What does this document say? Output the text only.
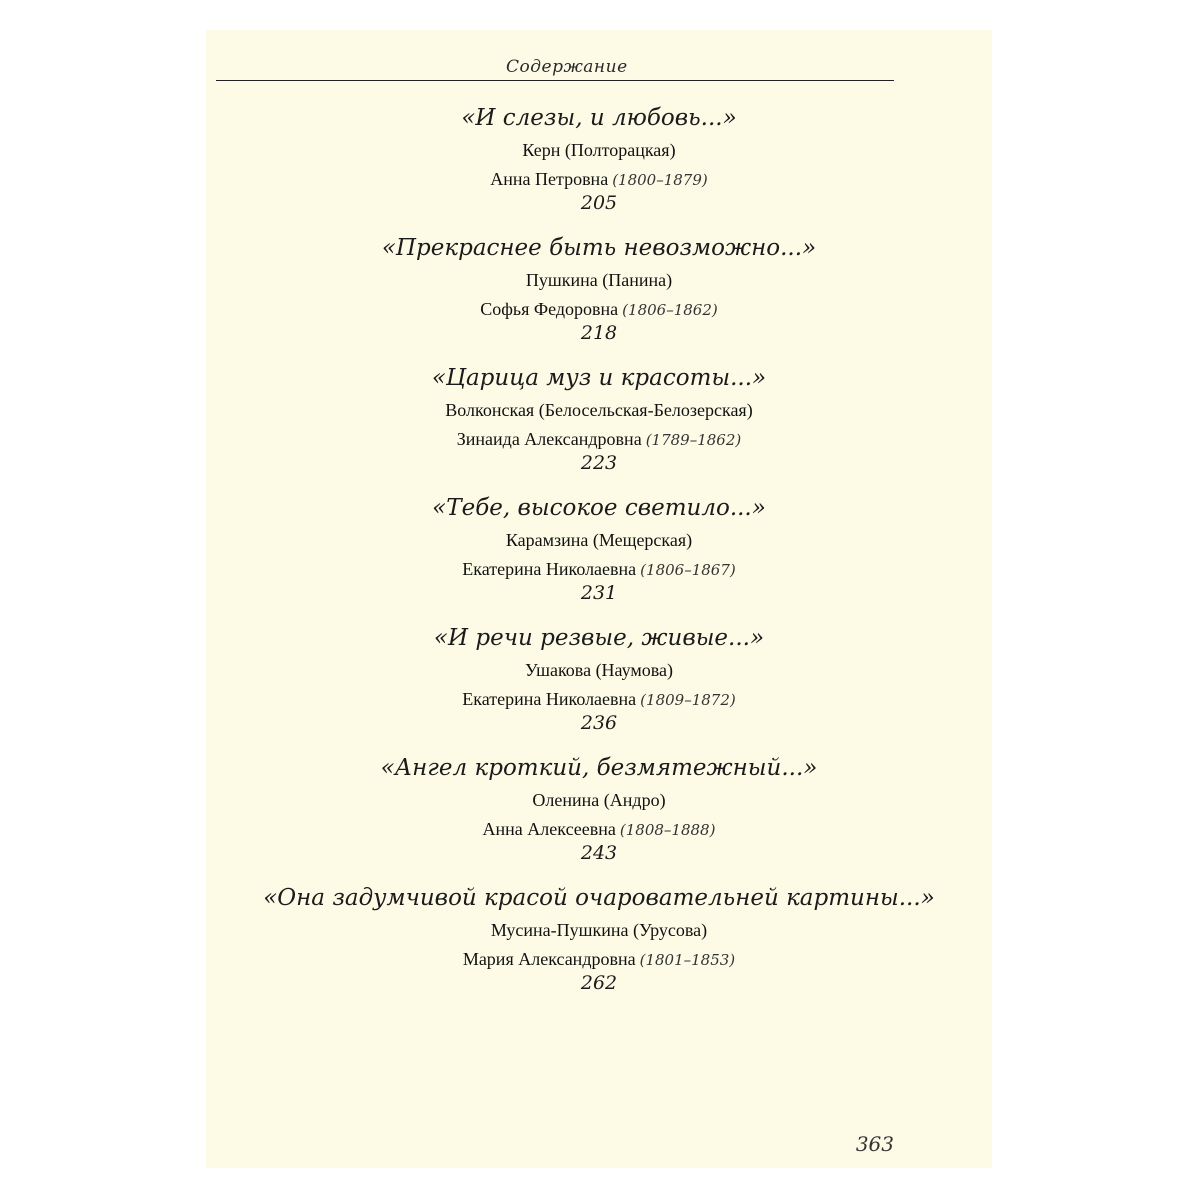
Содержание
«И слезы, и любовь...»
Керн (Полторацкая)
Анна Петровна (1800–1879)
205
«Прекраснее быть невозможно...»
Пушкина (Панина)
Софья Федоровна (1806–1862)
218
«Царица муз и красоты...»
Волконская (Белосельская-Белозерская)
Зинаида Александровна (1789–1862)
223
«Тебе, высокое светило...»
Карамзина (Мещерская)
Екатерина Николаевна (1806–1867)
231
«И речи резвые, живые...»
Ушакова (Наумова)
Екатерина Николаевна (1809–1872)
236
«Ангел кроткий, безмятежный...»
Оленина (Андро)
Анна Алексеевна (1808–1888)
243
«Она задумчивой красой очаровательней картины...»
Мусина-Пушкина (Урусова)
Мария Александровна (1801–1853)
262
363
